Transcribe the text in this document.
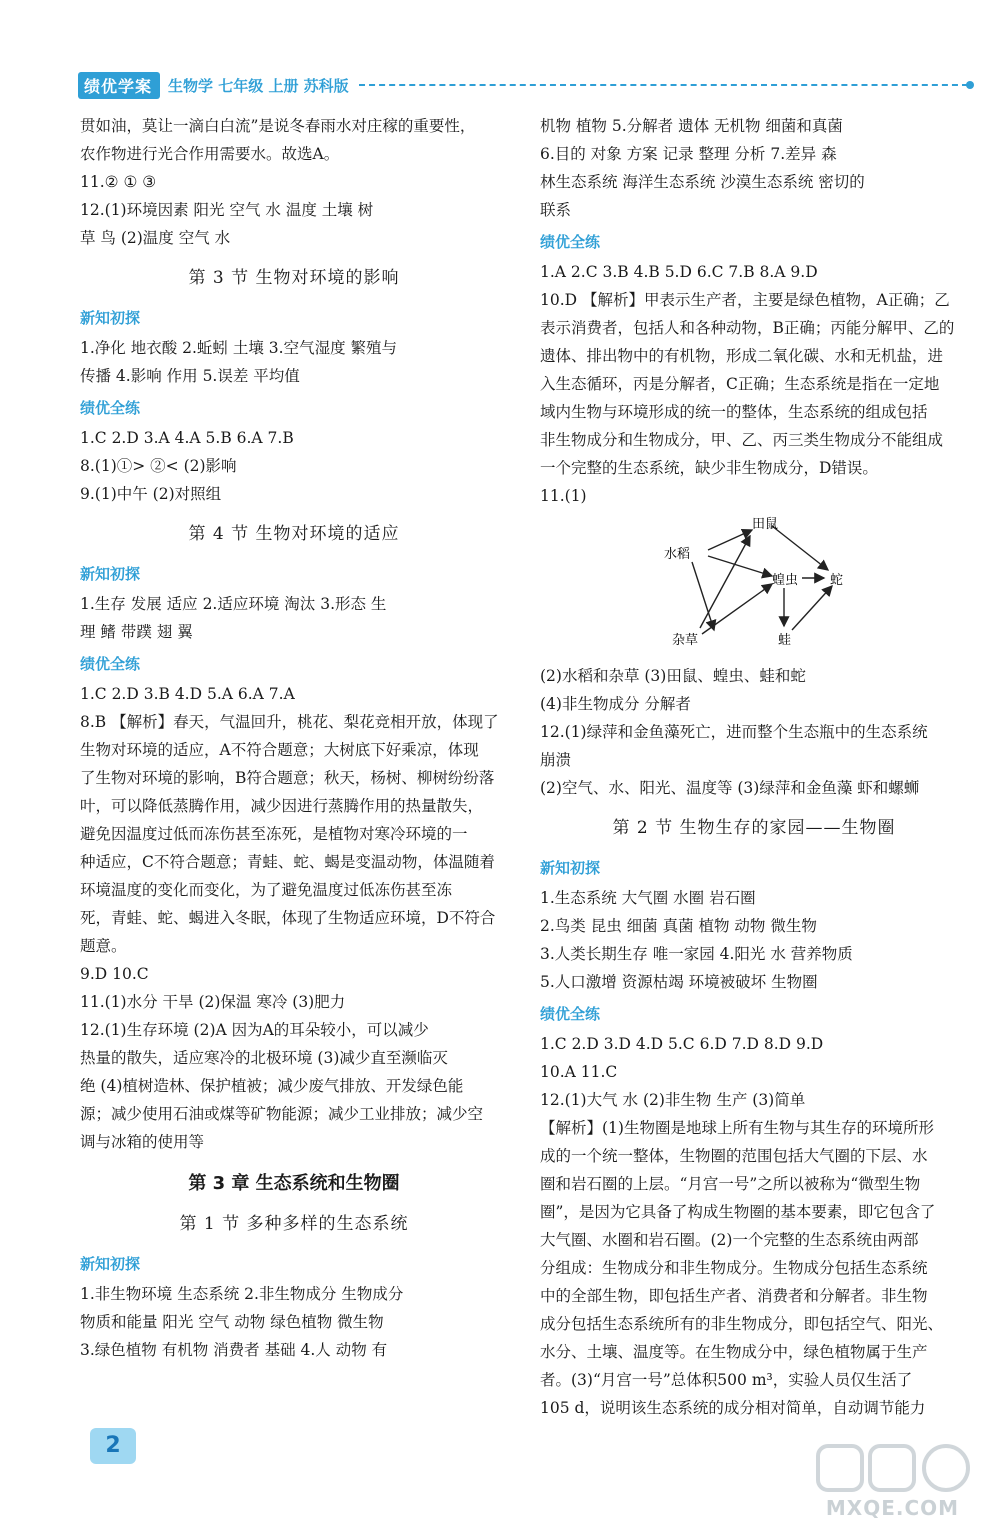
绩优学案	生物学 七年级 上册 苏科版

贯如油，莫让一滴白白流”是说冬春雨水对庄稼的重要性，

农作物进行光合作用需要水。故选A。

11.② ① ③

12.(1)环境因素 阳光 空气 水 温度 土壤 树

草 鸟 (2)温度 空气 水

第 3 节 生物对环境的影响
新知初探

1.净化 地衣酸 2.蚯蚓 土壤 3.空气湿度 繁殖与

传播 4.影响 作用 5.误差 平均值

绩优全练

1.C 2.D 3.A 4.A 5.B 6.A 7.B

8.(1)①> ②< (2)影响

9.(1)中午 (2)对照组

第 4 节 生物对环境的适应
新知初探

1.生存 发展 适应 2.适应环境 淘汰 3.形态 生

理 鳍 带蹼 翅 翼

绩优全练

1.C 2.D 3.B 4.D 5.A 6.A 7.A

8.B 【解析】春天，气温回升，桃花、梨花竞相开放，体现了

生物对环境的适应，A不符合题意；大树底下好乘凉，体现

了生物对环境的影响，B符合题意；秋天，杨树、柳树纷纷落

叶，可以降低蒸腾作用，减少因进行蒸腾作用的热量散失，

避免因温度过低而冻伤甚至冻死，是植物对寒冷环境的一

种适应，C不符合题意；青蛙、蛇、蝎是变温动物，体温随着

环境温度的变化而变化，为了避免温度过低冻伤甚至冻

死，青蛙、蛇、蝎进入冬眠，体现了生物适应环境，D不符合

题意。

9.D 10.C

11.(1)水分 干旱 (2)保温 寒冷 (3)肥力

12.(1)生存环境 (2)A 因为A的耳朵较小，可以减少

热量的散失，适应寒冷的北极环境 (3)减少直至濒临灭

绝 (4)植树造林、保护植被；减少废气排放、开发绿色能

源；减少使用石油或煤等矿物能源；减少工业排放；减少空

调与冰箱的使用等

第 3 章 生态系统和生物圈
第 1 节 多种多样的生态系统
新知初探

1.非生物环境 生态系统 2.非生物成分 生物成分

物质和能量 阳光 空气 动物 绿色植物 微生物

3.绿色植物 有机物 消费者 基础 4.人 动物 有

机物 植物 5.分解者 遗体 无机物 细菌和真菌

6.目的 对象 方案 记录 整理 分析 7.差异 森

林生态系统 海洋生态系统 沙漠生态系统 密切的

联系

绩优全练

1.A 2.C 3.B 4.B 5.D 6.C 7.B 8.A 9.D

10.D 【解析】甲表示生产者，主要是绿色植物，A正确；乙

表示消费者，包括人和各种动物，B正确；丙能分解甲、乙的

遗体、排出物中的有机物，形成二氧化碳、水和无机盐，进

入生态循环，丙是分解者，C正确；生态系统是指在一定地

域内生物与环境形成的统一的整体，生态系统的组成包括

非生物成分和生物成分，甲、乙、丙三类生物成分不能组成

一个完整的生态系统，缺少非生物成分，D错误。

11.(1)

田鼠
水稻
蝗虫 蛇
杂草	蛙

(2)水稻和杂草 (3)田鼠、蝗虫、蛙和蛇

(4)非生物成分 分解者

12.(1)绿萍和金鱼藻死亡，进而整个生态瓶中的生态系统

崩溃

(2)空气、水、阳光、温度等 (3)绿萍和金鱼藻 虾和螺蛳

第 2 节 生物生存的家园——生物圈
新知初探

1.生态系统 大气圈 水圈 岩石圈

2.鸟类 昆虫 细菌 真菌 植物 动物 微生物

3.人类长期生存 唯一家园 4.阳光 水 营养物质

5.人口激增 资源枯竭 环境被破坏 生物圈

绩优全练

1.C 2.D 3.D 4.D 5.C 6.D 7.D 8.D 9.D

10.A 11.C

12.(1)大气 水 (2)非生物 生产 (3)简单

【解析】(1)生物圈是地球上所有生物与其生存的环境所形

成的一个统一整体，生物圈的范围包括大气圈的下层、水

圈和岩石圈的上层。“月宫一号”之所以被称为“微型生物

圈”，是因为它具备了构成生物圈的基本要素，即它包含了

大气圈、水圈和岩石圈。(2)一个完整的生态系统由两部

分组成：生物成分和非生物成分。生物成分包括生态系统

中的全部生物，即包括生产者、消费者和分解者。非生物

成分包括生态系统所有的非生物成分，即包括空气、阳光、

水分、土壤、温度等。在生物成分中，绿色植物属于生产

者。(3)“月宫一号”总体积500 m³，实验人员仅生活了

105 d，说明该生态系统的成分相对简单，自动调节能力

2
MXQE.COM
